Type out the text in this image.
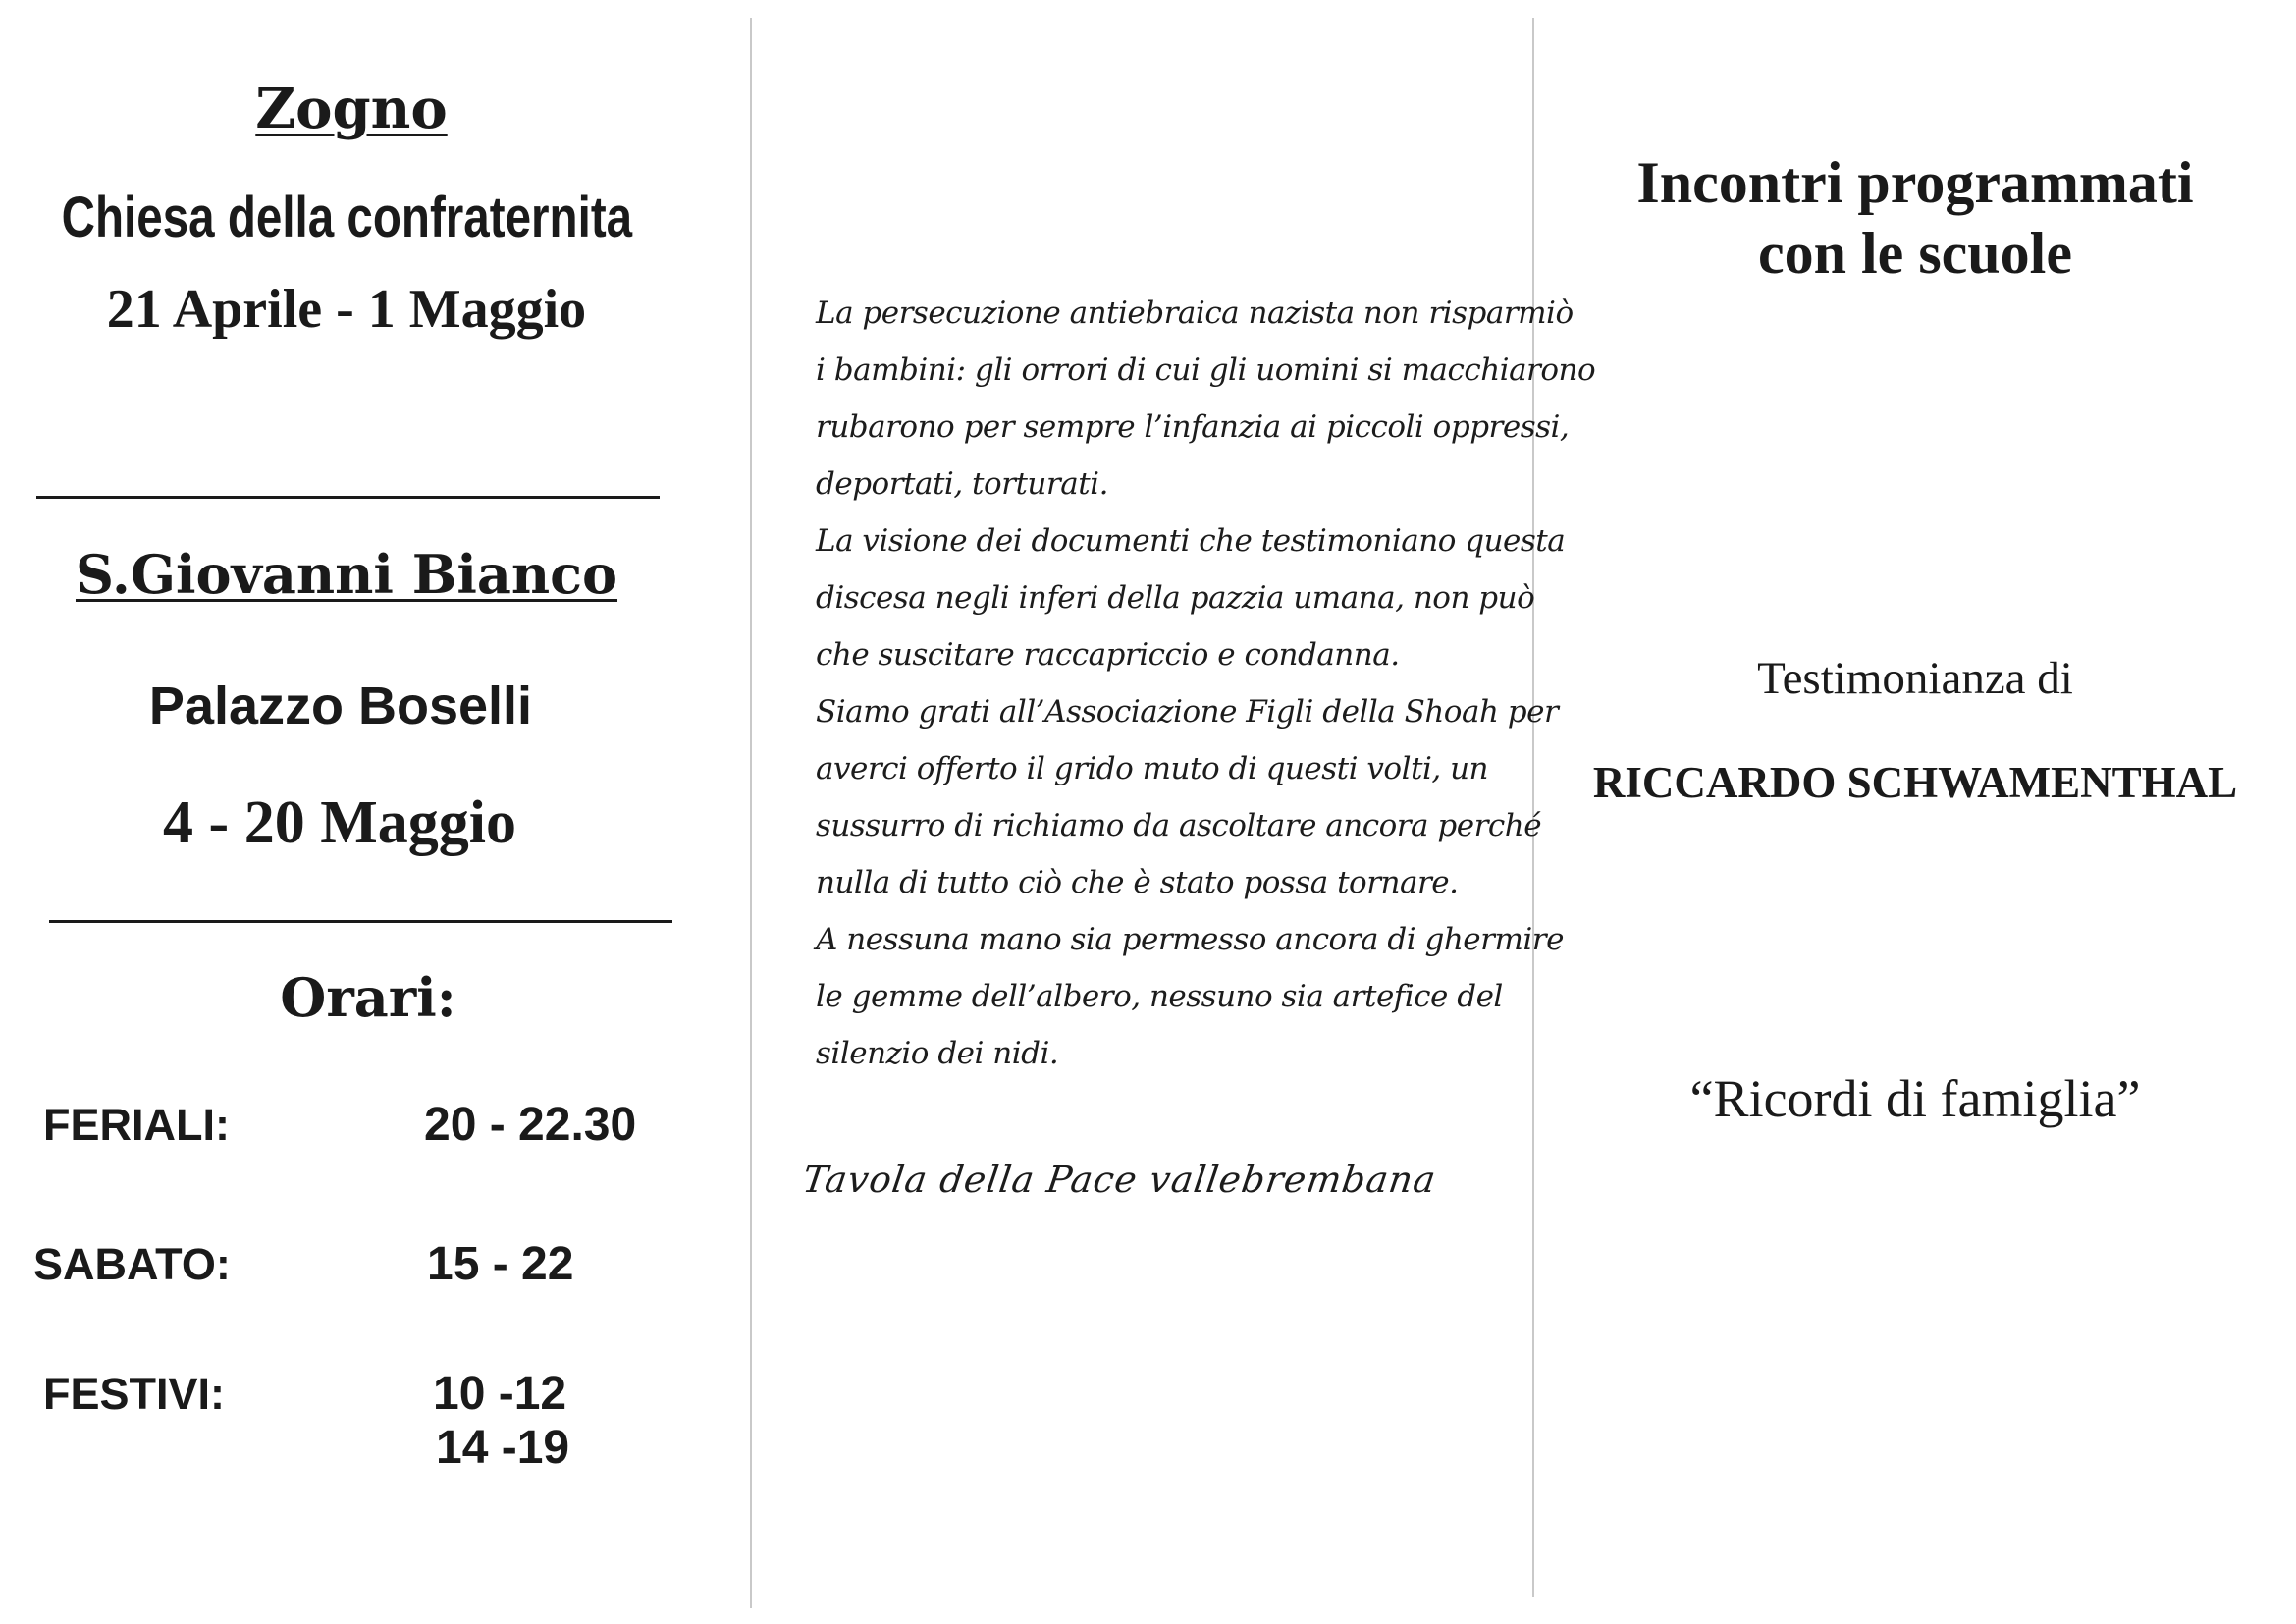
Zogno
Chiesa della confraternita
21 Aprile - 1 Maggio
S.Giovanni Bianco
Palazzo Boselli
4 - 20 Maggio
Orari:
FERIALI:	20 - 22.30
SABATO:	15 - 22
FESTIVI:	10 -12
14 -19
La persecuzione antiebraica nazista non risparmiò
i bambini: gli orrori di cui gli uomini si macchiarono
rubarono per sempre l’infanzia ai piccoli oppressi,
deportati, torturati.
La visione dei documenti che testimoniano questa
discesa negli inferi della pazzia umana, non può
che suscitare raccapriccio e condanna.
Siamo grati all’Associazione Figli della Shoah per
averci offerto il grido muto di questi volti, un
sussurro di richiamo da ascoltare ancora perché
nulla di tutto ciò che è stato possa tornare.
A nessuna mano sia permesso ancora di ghermire
le gemme dell’albero, nessuno sia artefice del
silenzio dei nidi.
Tavola della Pace vallebrembana
Incontri programmati
con le scuole
Testimonianza di
RICCARDO SCHWAMENTHAL
“Ricordi di famiglia”
